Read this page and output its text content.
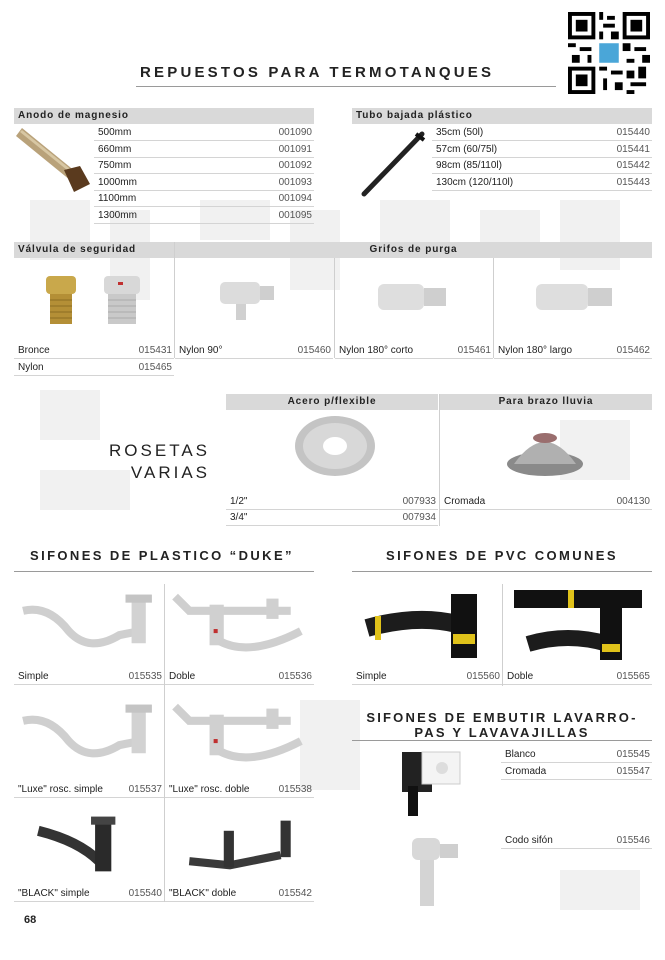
REPUESTOS PARA TERMOTANQUES
Anodo de magnesio
500mm	001090
660mm	001091
750mm	001092
1000mm	001093
1100mm	001094
1300mm	001095
Tubo bajada plástico
35cm (50l)	015440
57cm (60/75l)	015441
98cm (85/110l)	015442
130cm (120/110l)	015443
Válvula de seguridad	Grifos de purga
Bronce	015431
Nylon	015465
Nylon 90°	015460 Nylon 180° corto	015461 Nylon 180° largo	015462
ROSETAS
VARIAS
Acero p/flexible	Para brazo lluvia
1/2"	007933
3/4"	007934
Cromada	004130
SIFONES DE PLASTICO “DUKE”
Simple	015535 Doble	015536
"Luxe" rosc. simple	015537 "Luxe" rosc. doble	015538
"BLACK" simple	015540 "BLACK" doble	015542
SIFONES DE PVC COMUNES
Simple	015560 Doble	015565
SIFONES DE EMBUTIR LAVARRO-
PAS Y LAVAVAJILLAS
Blanco	015545
Cromada	015547
Codo sifón	015546
68
